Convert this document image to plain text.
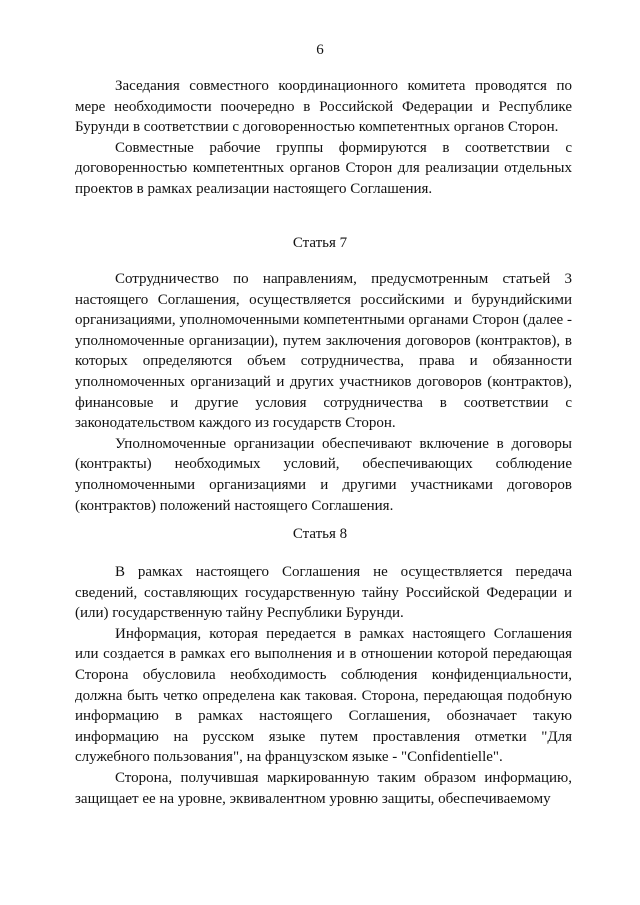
6

Заседания совместного координационного комитета проводятся по мере необходимости поочередно в Российской Федерации и Республике Бурунди в соответствии с договоренностью компетентных органов Сторон.

Совместные рабочие группы формируются в соответствии с договоренностью компетентных органов Сторон для реализации отдельных проектов в рамках реализации настоящего Соглашения.

Статья 7

Сотрудничество по направлениям, предусмотренным статьей 3 настоящего Соглашения, осуществляется российскими и бурундийскими организациями, уполномоченными компетентными органами Сторон (далее - уполномоченные организации), путем заключения договоров (контрактов), в которых определяются объем сотрудничества, права и обязанности уполномоченных организаций и других участников договоров (контрактов), финансовые и другие условия сотрудничества в соответствии с законодательством каждого из государств Сторон.

Уполномоченные организации обеспечивают включение в договоры (контракты) необходимых условий, обеспечивающих соблюдение уполномоченными организациями и другими участниками договоров (контрактов) положений настоящего Соглашения.

Статья 8

В рамках настоящего Соглашения не осуществляется передача сведений, составляющих государственную тайну Российской Федерации и (или) государственную тайну Республики Бурунди.

Информация, которая передается в рамках настоящего Соглашения или создается в рамках его выполнения и в отношении которой передающая Сторона обусловила необходимость соблюдения конфиденциальности, должна быть четко определена как таковая. Сторона, передающая подобную информацию в рамках настоящего Соглашения, обозначает такую информацию на русском языке путем проставления отметки "Для служебного пользования", на французском языке - "Confidentielle".

Сторона, получившая маркированную таким образом информацию, защищает ее на уровне, эквивалентном уровню защиты, обеспечиваемому
